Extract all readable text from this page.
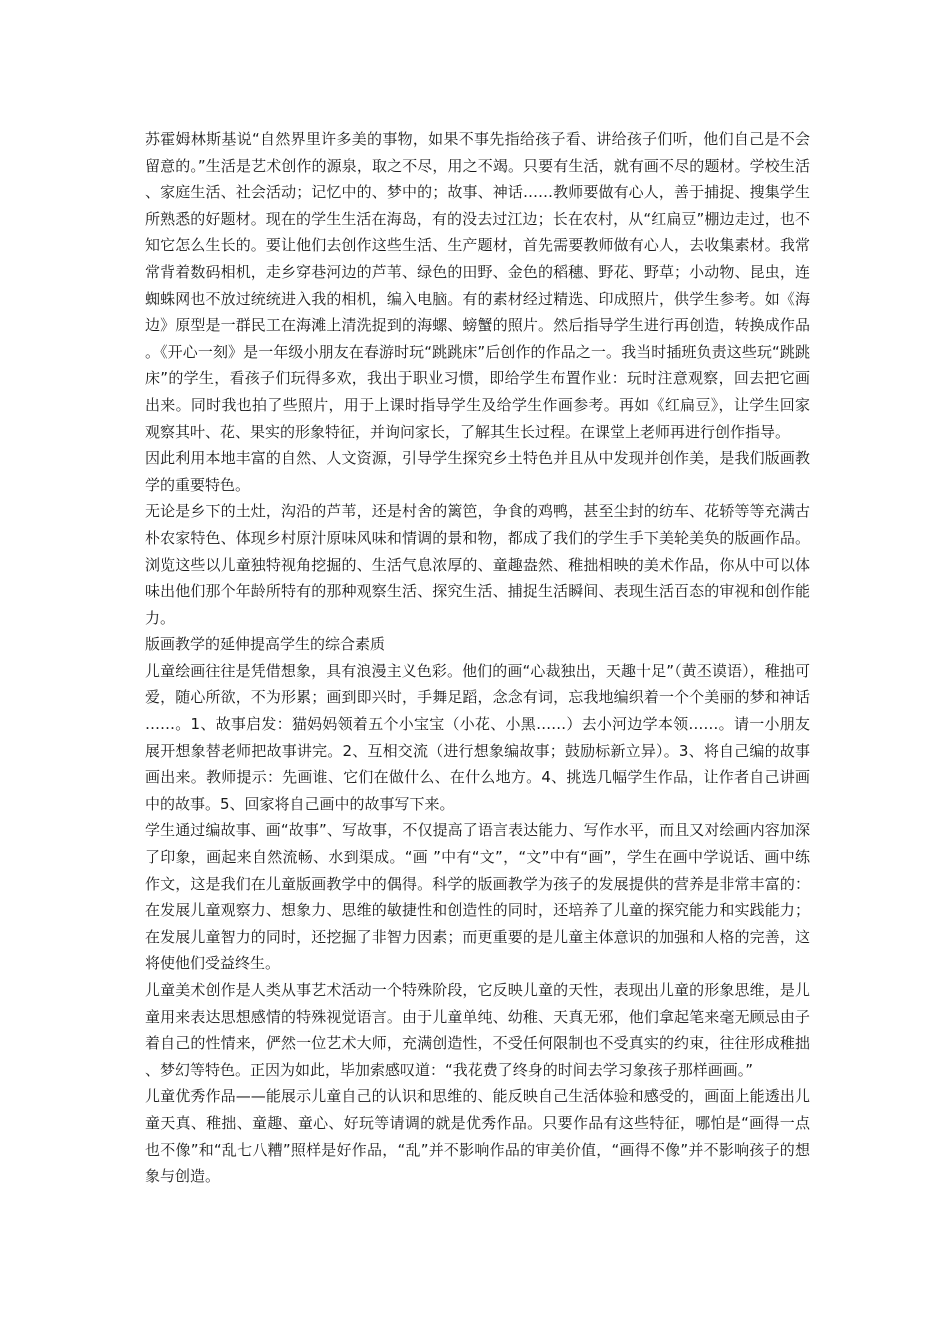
苏霍姆林斯基说“自然界里许多美的事物，如果不事先指给孩子看、讲给孩子们听，他们自己是不会留意的。”生活是艺术创作的源泉，取之不尽，用之不竭。只要有生活，就有画不尽的题材。学校生活、家庭生活、社会活动；记忆中的、梦中的；故事、神话……教师要做有心人，善于捕捉、搜集学生所熟悉的好题材。现在的学生生活在海岛，有的没去过江边；长在农村，从“红扁豆”棚边走过，也不知它怎么生长的。要让他们去创作这些生活、生产题材，首先需要教师做有心人，去收集素材。我常常背着数码相机，走乡穿巷河边的芦苇、绿色的田野、金色的稻穗、野花、野草；小动物、昆虫，连蜘蛛网也不放过统统进入我的相机，编入电脑。有的素材经过精选、印成照片，供学生参考。如《海边》原型是一群民工在海滩上清洗捉到的海螺、螃蟹的照片。然后指导学生进行再创造，转换成作品。《开心一刻》是一年级小朋友在春游时玩“跳跳床”后创作的作品之一。我当时插班负责这些玩“跳跳床”的学生，看孩子们玩得多欢，我出于职业习惯，即给学生布置作业：玩时注意观察，回去把它画出来。同时我也拍了些照片，用于上课时指导学生及给学生作画参考。再如《红扁豆》，让学生回家观察其叶、花、果实的形象特征，并询问家长，了解其生长过程。在课堂上老师再进行创作指导。

因此利用本地丰富的自然、人文资源，引导学生探究乡土特色并且从中发现并创作美，是我们版画教学的重要特色。

无论是乡下的土灶，沟沿的芦苇，还是村舍的篱笆，争食的鸡鸭，甚至尘封的纺车、花轿等等充满古朴农家特色、体现乡村原汁原味风味和情调的景和物，都成了我们的学生手下美轮美奂的版画作品。浏览这些以儿童独特视角挖掘的、生活气息浓厚的、童趣盎然、稚拙相映的美术作品，你从中可以体味出他们那个年龄所特有的那种观察生活、探究生活、捕捉生活瞬间、表现生活百态的审视和创作能力。

版画教学的延伸提高学生的综合素质

儿童绘画往往是凭借想象，具有浪漫主义色彩。他们的画“心裁独出，天趣十足”（黄丕谟语），稚拙可爱，随心所欲，不为形累；画到即兴时，手舞足蹈，念念有词，忘我地编织着一个个美丽的梦和神话……。1、故事启发：猫妈妈领着五个小宝宝（小花、小黑……）去小河边学本领……。请一小朋友展开想象替老师把故事讲完。2、互相交流（进行想象编故事；鼓励标新立异）。3、将自己编的故事画出来。教师提示：先画谁、它们在做什么、在什么地方。4、挑选几幅学生作品，让作者自己讲画中的故事。5、回家将自己画中的故事写下来。

学生通过编故事、画“故事”、写故事，不仅提高了语言表达能力、写作水平，而且又对绘画内容加深了印象，画起来自然流畅、水到渠成。“画 ”中有“文”，“文”中有“画”，学生在画中学说话、画中练作文，这是我们在儿童版画教学中的偶得。科学的版画教学为孩子的发展提供的营养是非常丰富的：在发展儿童观察力、想象力、思维的敏捷性和创造性的同时，还培养了儿童的探究能力和实践能力；在发展儿童智力的同时，还挖掘了非智力因素；而更重要的是儿童主体意识的加强和人格的完善，这将使他们受益终生。

儿童美术创作是人类从事艺术活动一个特殊阶段，它反映儿童的天性，表现出儿童的形象思维，是儿童用来表达思想感情的特殊视觉语言。由于儿童单纯、幼稚、天真无邪，他们拿起笔来毫无顾忌由子着自己的性情来，俨然一位艺术大师，充满创造性，不受任何限制也不受真实的约束，往往形成稚拙、梦幻等特色。正因为如此，毕加索感叹道：“我花费了终身的时间去学习象孩子那样画画。”

儿童优秀作品——能展示儿童自己的认识和思维的、能反映自己生活体验和感受的，画面上能透出儿童天真、稚拙、童趣、童心、好玩等请调的就是优秀作品。只要作品有这些特征，哪怕是“画得一点也不像”和“乱七八糟”照样是好作品，“乱”并不影响作品的审美价值，“画得不像”并不影响孩子的想象与创造。
